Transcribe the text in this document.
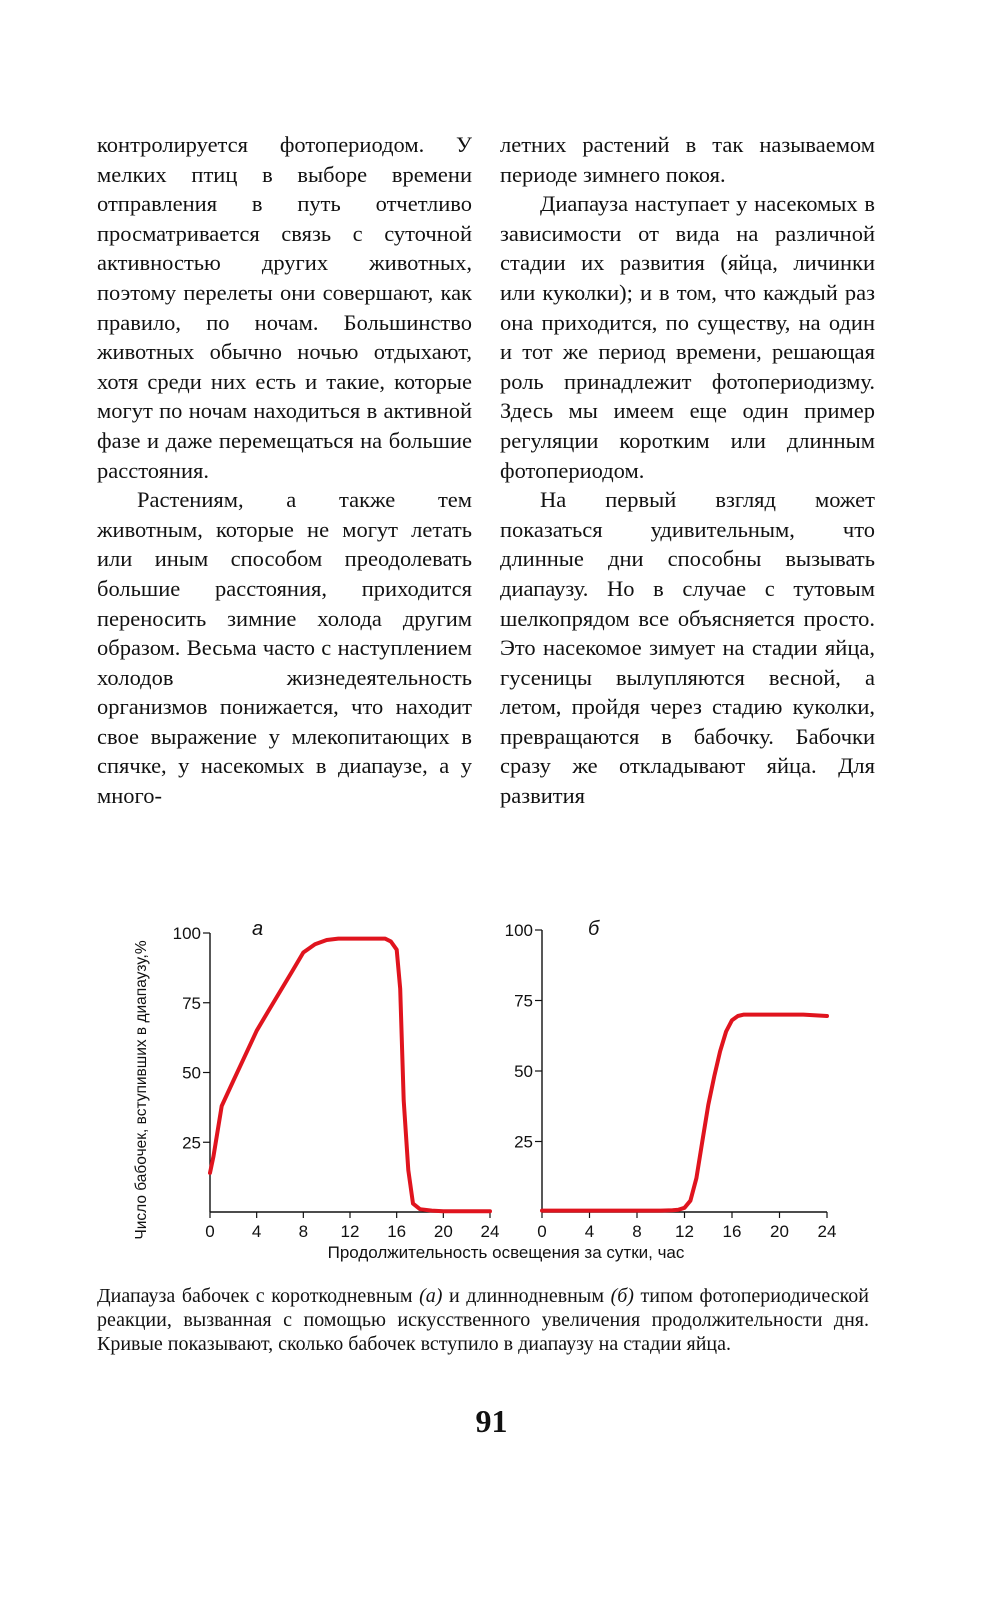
контролируется фотопериодом. У мелких птиц в выборе времени отправления в путь отчетливо просматривается связь с суточной активностью других животных, поэтому перелеты они совершают, как правило, по ночам. Большинство животных обычно ночью отдыхают, хотя среди них есть и такие, которые могут по ночам находиться в активной фазе и даже перемещаться на большие расстояния.

Растениям, а также тем животным, которые не могут летать или иным способом преодолевать большие расстояния, приходится переносить зимние холода другим образом. Весьма часто с наступлением холодов жизнедеятельность организмов понижается, что находит свое выражение у млекопитающих в спячке, у насекомых в диапаузе, а у много-

летних растений в так называемом периоде зимнего покоя.

Диапауза наступает у насекомых в зависимости от вида на различной стадии их развития (яйца, личинки или куколки); и в том, что каждый раз она приходится, по существу, на один и тот же период времени, решающая роль принадлежит фотопериодизму. Здесь мы имеем еще один пример регуляции коротким или длинным фотопериодом.

На первый взгляд может показаться удивительным, что длинные дни способны вызывать диапаузу. Но в случае с тутовым шелкопрядом все объясняется просто. Это насекомое зимует на стадии яйца, гусеницы вылупляются весной, а летом, пройдя через стадию куколки, превращаются в бабочку. Бабочки сразу же откладывают яйца. Для развития

Число бабочек, вступивших в диапаузу,%
Продолжительность освещения за сутки, час
25
50
75
100
0 4 8 12 16 20 24
а
25
50
75
100
0 4 8 12 16 20 24
б
Диапауза бабочек с короткодневным (а) и длиннодневным (б) типом фотопериодической реакции, вызванная с помощью искусственного увеличения продолжительности дня. Кривые показывают, сколько бабочек вступило в диапаузу на стадии яйца.
91
